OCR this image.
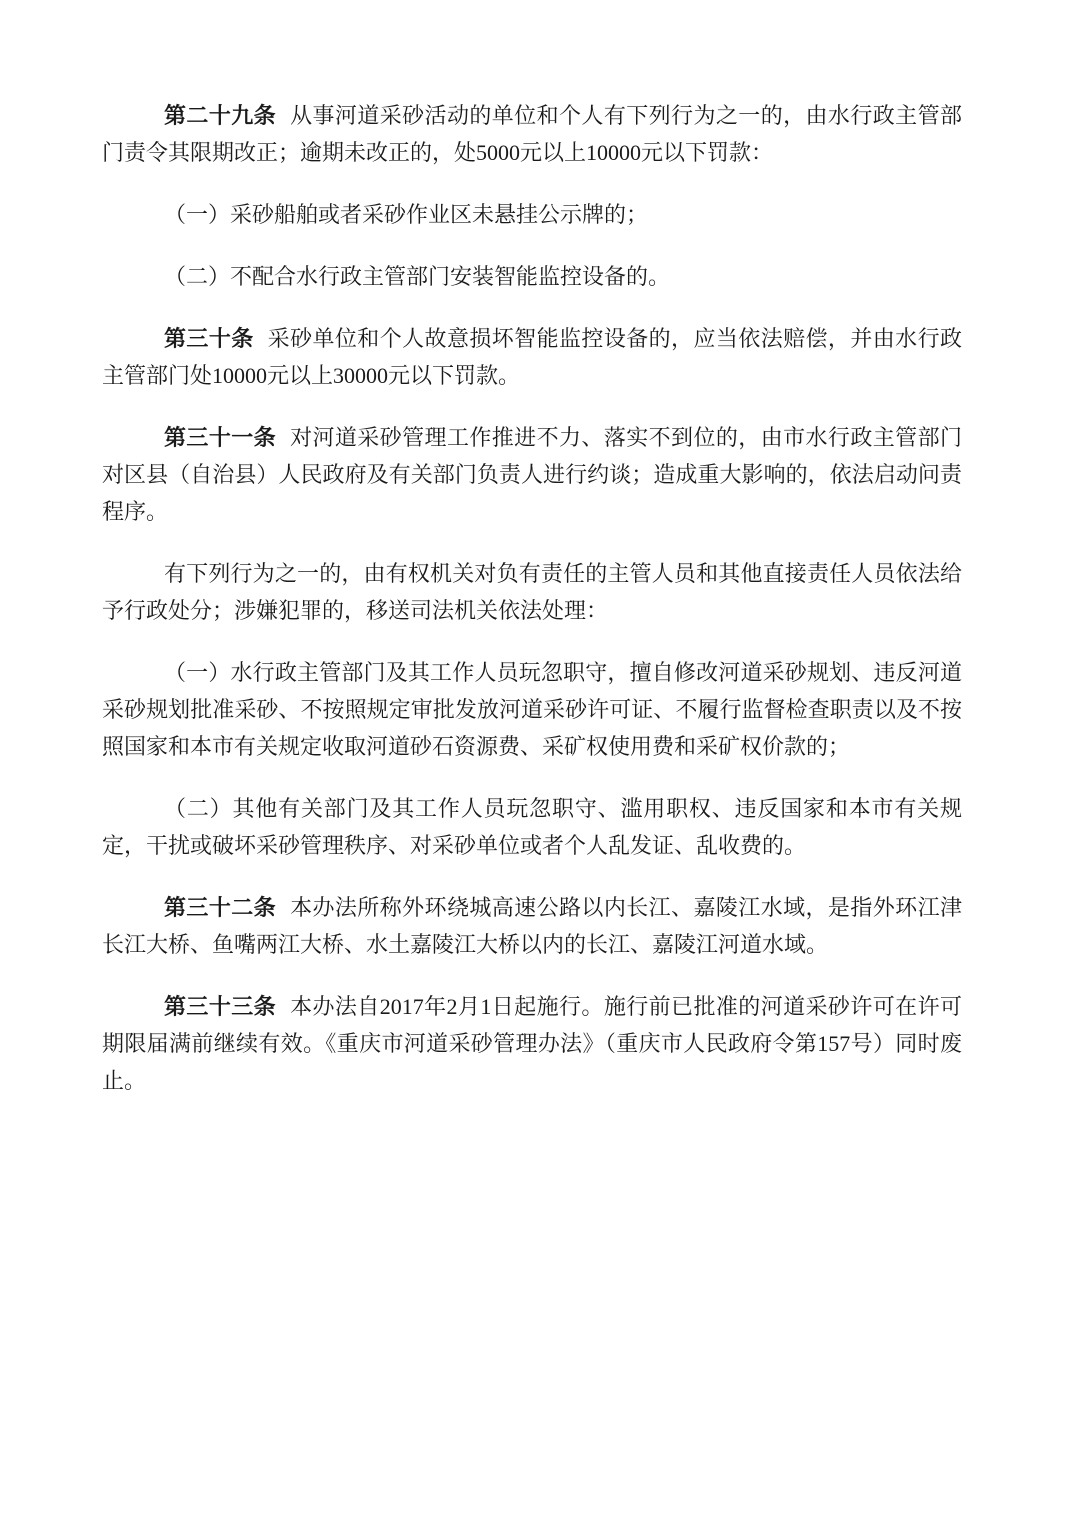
第二十九条 从事河道采砂活动的单位和个人有下列行为之一的，由水行政主管部门责令其限期改正；逾期未改正的，处5000元以上10000元以下罚款：

（一）采砂船舶或者采砂作业区未悬挂公示牌的；

（二）不配合水行政主管部门安装智能监控设备的。

第三十条 采砂单位和个人故意损坏智能监控设备的，应当依法赔偿，并由水行政主管部门处10000元以上30000元以下罚款。

第三十一条 对河道采砂管理工作推进不力、落实不到位的，由市水行政主管部门对区县（自治县）人民政府及有关部门负责人进行约谈；造成重大影响的，依法启动问责程序。

有下列行为之一的，由有权机关对负有责任的主管人员和其他直接责任人员依法给予行政处分；涉嫌犯罪的，移送司法机关依法处理：

（一）水行政主管部门及其工作人员玩忽职守，擅自修改河道采砂规划、违反河道采砂规划批准采砂、不按照规定审批发放河道采砂许可证、不履行监督检查职责以及不按照国家和本市有关规定收取河道砂石资源费、采矿权使用费和采矿权价款的；

（二）其他有关部门及其工作人员玩忽职守、滥用职权、违反国家和本市有关规定，干扰或破坏采砂管理秩序、对采砂单位或者个人乱发证、乱收费的。

第三十二条 本办法所称外环绕城高速公路以内长江、嘉陵江水域，是指外环江津长江大桥、鱼嘴两江大桥、水土嘉陵江大桥以内的长江、嘉陵江河道水域。

第三十三条 本办法自2017年2月1日起施行。施行前已批准的河道采砂许可在许可期限届满前继续有效。《重庆市河道采砂管理办法》（重庆市人民政府令第157号）同时废止。
